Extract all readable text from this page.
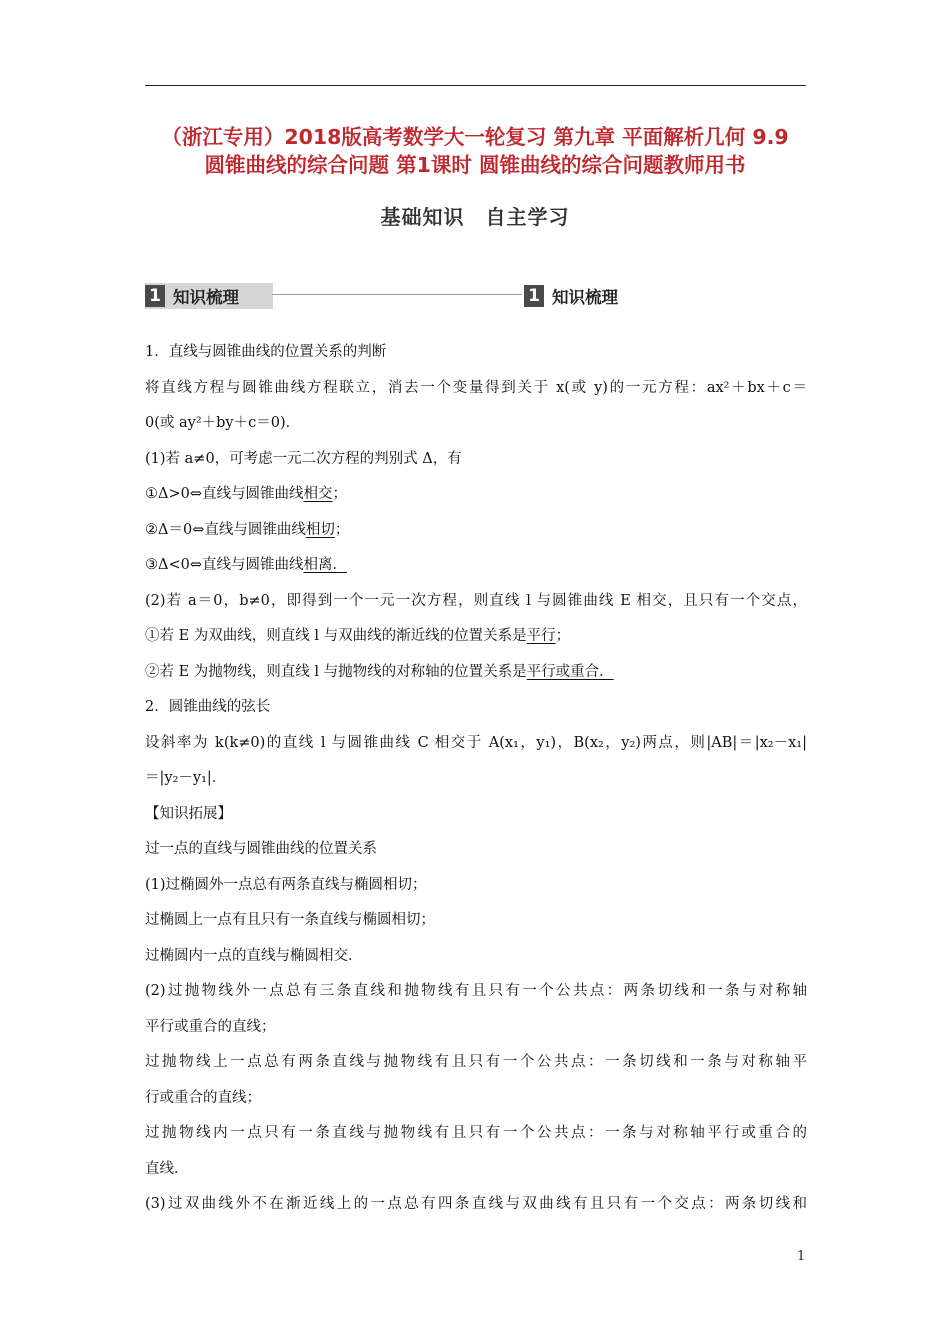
（浙江专用）2018版高考数学大一轮复习 第九章 平面解析几何 9.9
圆锥曲线的综合问题 第1课时 圆锥曲线的综合问题教师用书
基础知识　自主学习
1 知识梳理	1 知识梳理
1．直线与圆锥曲线的位置关系的判断
将直线方程与圆锥曲线方程联立，消去一个变量得到关于 x(或 y)的一元方程：ax²＋bx＋c＝
0(或 ay²＋by＋c＝0)．
(1)若 a≠0，可考虑一元二次方程的判别式 Δ，有
①Δ>0⇔直线与圆锥曲线相交；
②Δ＝0⇔直线与圆锥曲线相切；
③Δ<0⇔直线与圆锥曲线相离．
(2)若 a＝0，b≠0，即得到一个一元一次方程，则直线 l 与圆锥曲线 E 相交，且只有一个交点，
①若 E 为双曲线，则直线 l 与双曲线的渐近线的位置关系是平行；
②若 E 为抛物线，则直线 l 与抛物线的对称轴的位置关系是平行或重合．
2．圆锥曲线的弦长
设斜率为 k(k≠0)的直线 l 与圆锥曲线 C 相交于 A(x₁，y₁)，B(x₂，y₂)两点，则|AB|＝|x₂－x₁|
＝|y₂－y₁|．
【知识拓展】
过一点的直线与圆锥曲线的位置关系
(1)过椭圆外一点总有两条直线与椭圆相切；
过椭圆上一点有且只有一条直线与椭圆相切；
过椭圆内一点的直线与椭圆相交．
(2)过抛物线外一点总有三条直线和抛物线有且只有一个公共点：两条切线和一条与对称轴
平行或重合的直线；
过抛物线上一点总有两条直线与抛物线有且只有一个公共点：一条切线和一条与对称轴平
行或重合的直线；
过抛物线内一点只有一条直线与抛物线有且只有一个公共点：一条与对称轴平行或重合的
直线．
(3)过双曲线外不在渐近线上的一点总有四条直线与双曲线有且只有一个交点：两条切线和
1
